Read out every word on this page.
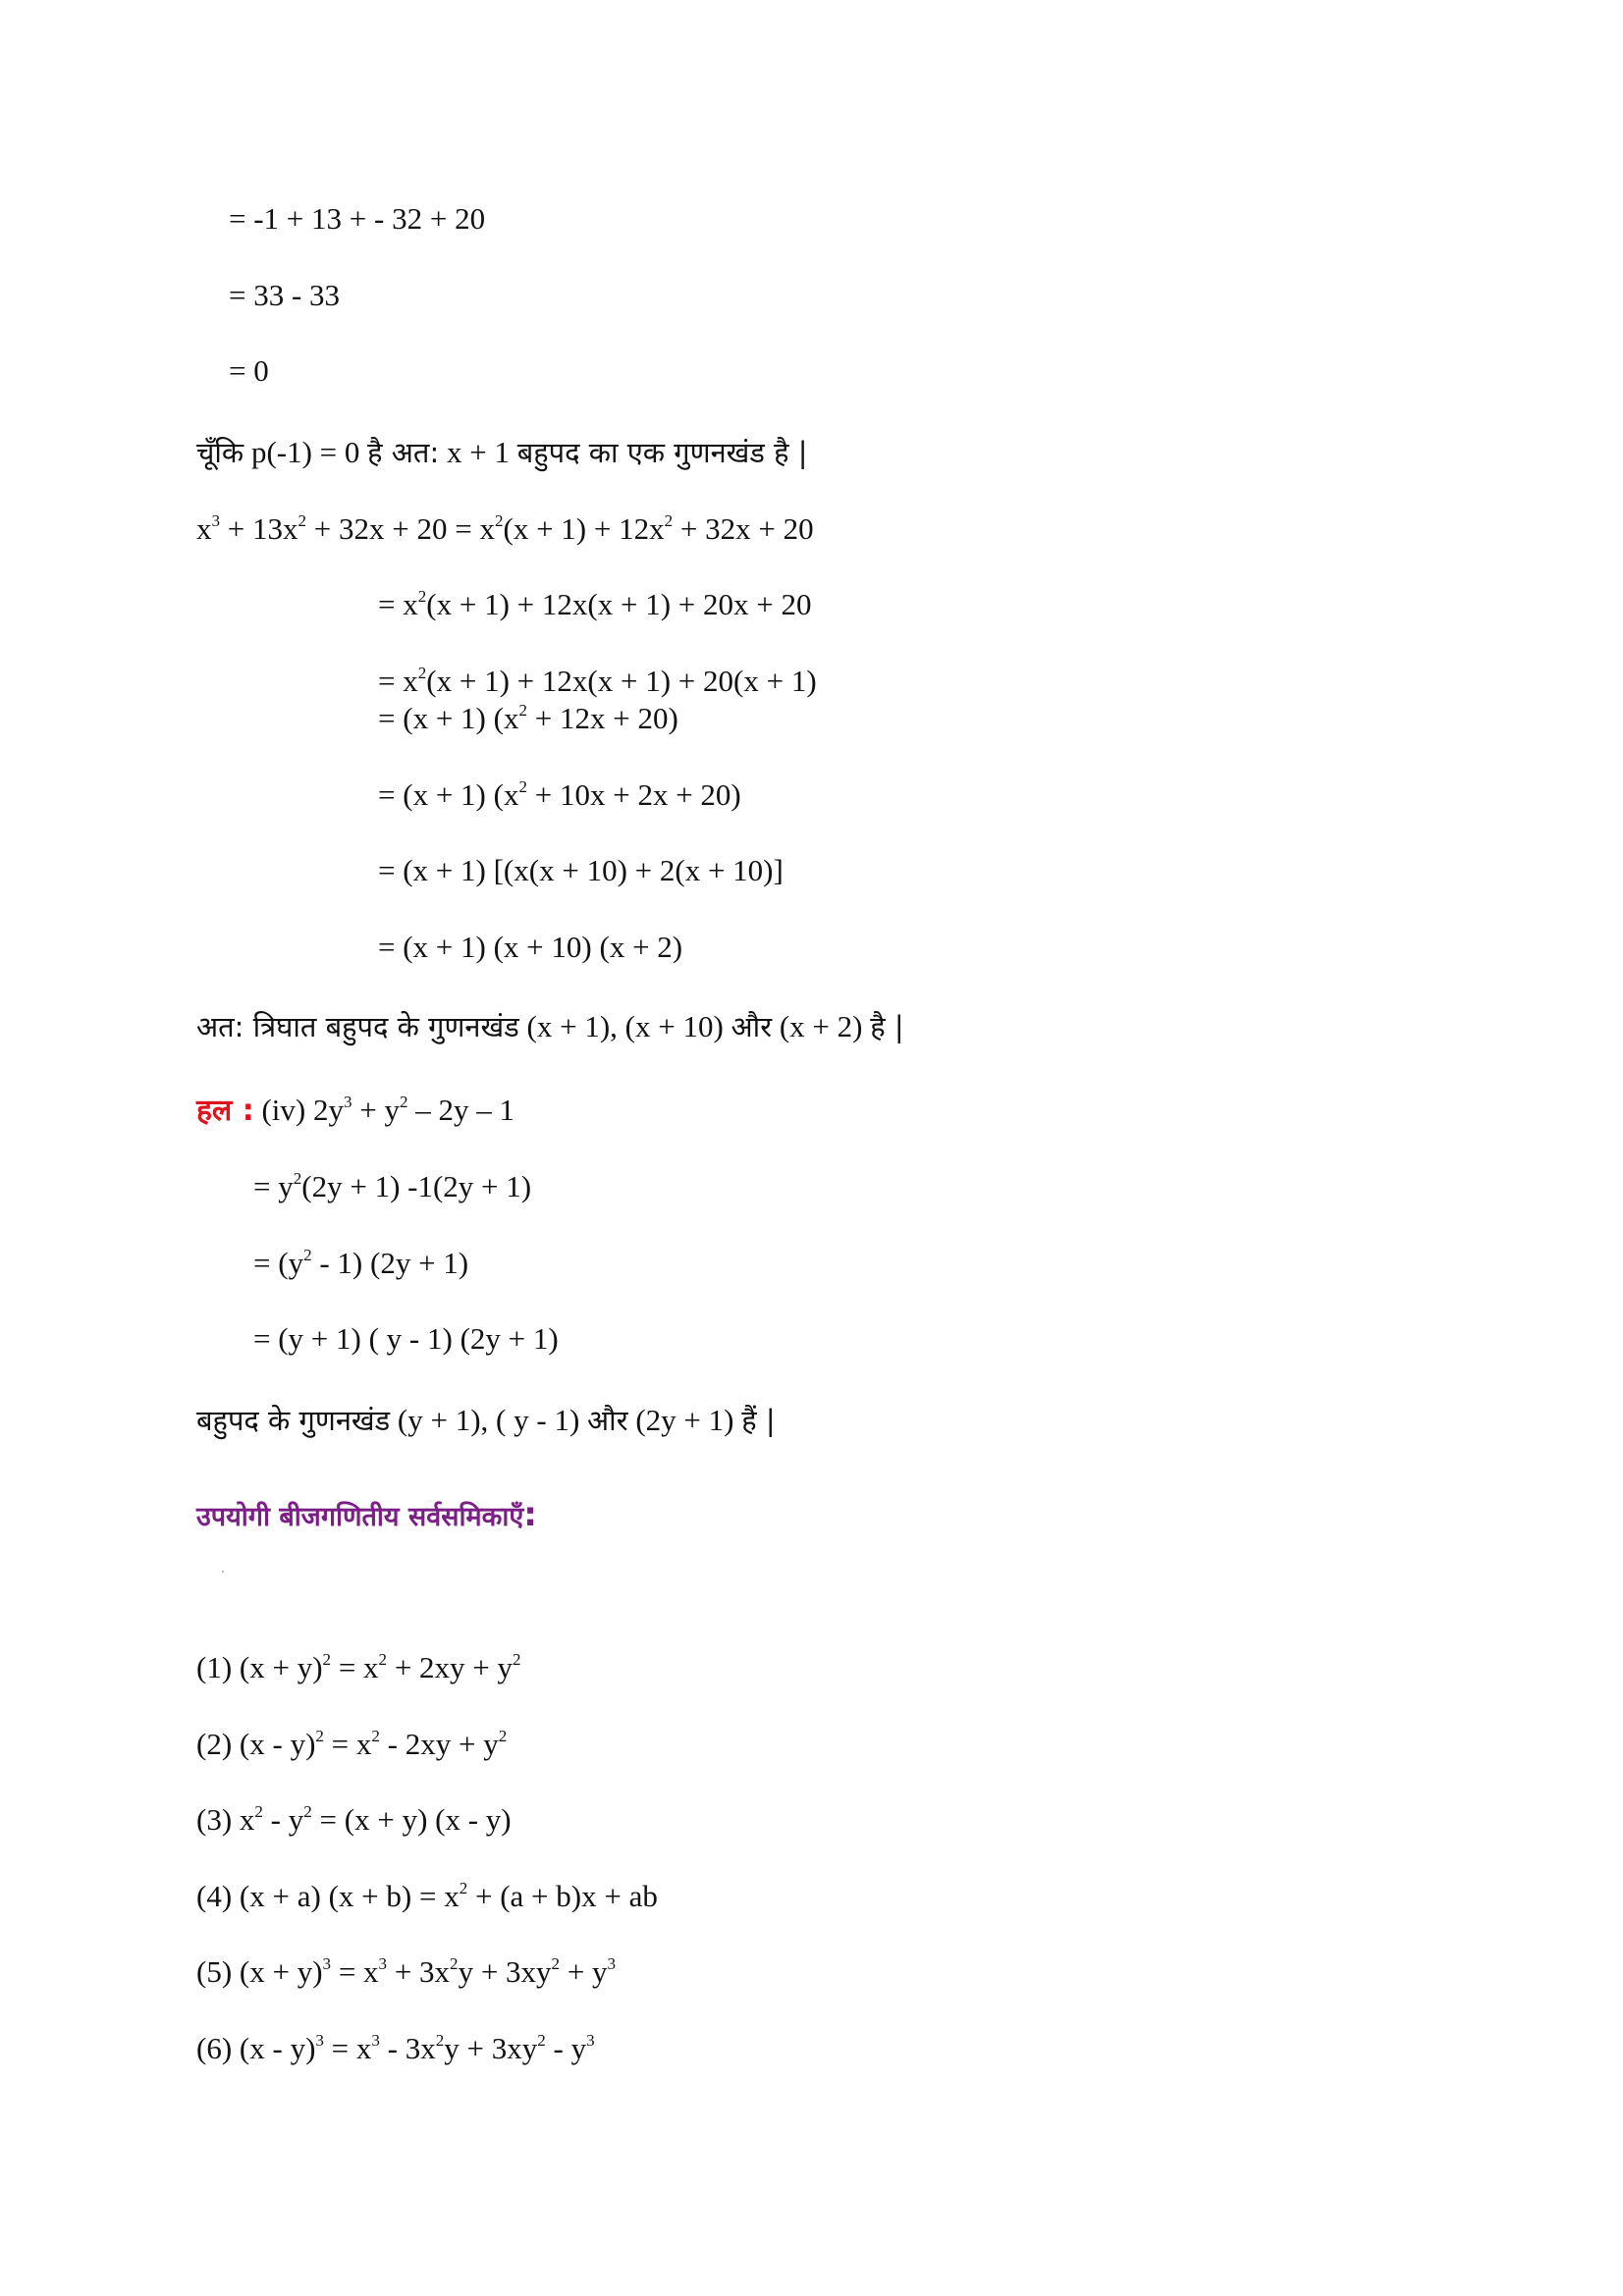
= -1 + 13 + - 32 + 20
= 33 - 33
= 0
चूँकि p(-1) = 0 है अत: x + 1 बहुपद का एक गुणनखंड है |
$x^3 + 13x^2 + 32x + 20 = x^2(x + 1) + 12x^2 + 32x + 20$
= $x^2(x + 1) + 12x(x + 1) + 20x + 20$
= $x^2(x + 1) + 12x(x + 1) + 20(x + 1)$
= (x + 1) $(x^2 + 12x + 20)$
= (x + 1) $(x^2 + 10x + 2x + 20)$
= (x + 1) [(x(x + 10) + 2(x + 10)]
= (x + 1) (x + 10) (x + 2)
अत: त्रिघात बहुपद के गुणनखंड (x + 1), (x + 10) और (x + 2) है |
हल : (iv) $2y^3 + y^2 - 2y - 1$
= $y^2(2y + 1) -1(2y + 1)$
= $(y^2 - 1) (2y + 1)$
= (y + 1) ( y - 1) (2y + 1)
बहुपद के गुणनखंड (y + 1), ( y - 1) और (2y + 1) हैं |
उपयोगी बीजगणितीय सर्वसमिकाएँ:
(1) $(x + y)^2 = x^2 + 2xy + y^2$
(2) $(x - y)^2 = x^2 - 2xy + y^2$
(3) $x^2 - y^2 = (x + y)$ (x - y)
(4) (x + a) $(x + b) = x^2 + (a + b)x$ + ab
(5) $(x + y)^3 = x^3 + 3x^2y + 3xy^2 + y^3$
(6) $(x - y)^3 = x^3 - 3x^2y + 3xy^2 - y^3$
